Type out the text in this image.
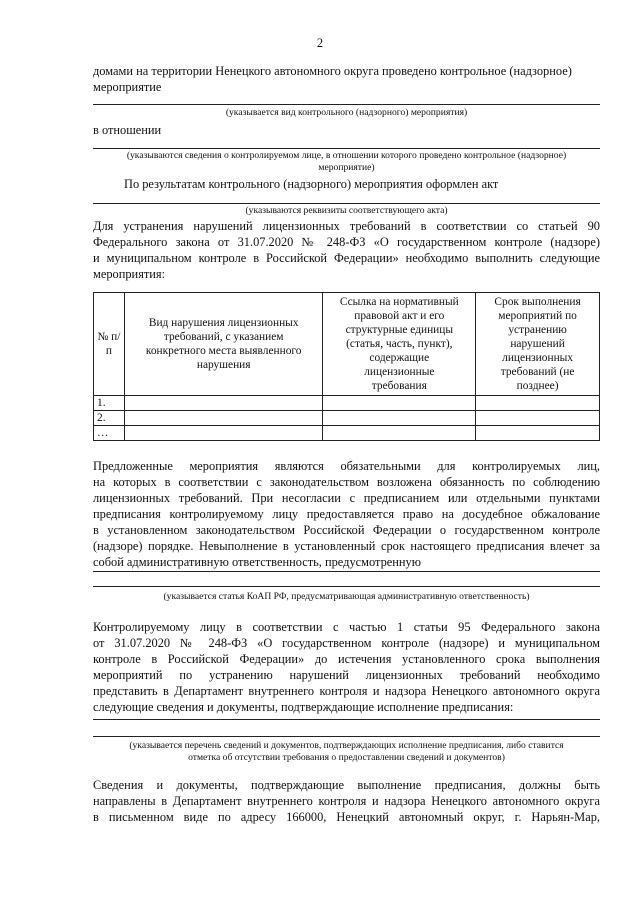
2
домами на территории Ненецкого автономного округа проведено контрольное (надзорное)
мероприятие
(указывается вид контрольного (надзорного) мероприятия)
в отношении
(указываются сведения о контролируемом лице, в отношении которого проведено контрольное (надзорное)
мероприятие)
По результатам контрольного (надзорного) мероприятия оформлен акт
(указываются реквизиты соответствующего акта)
Для устранения нарушений лицензионных требований в соответствии со статьей 90
Федерального закона от 31.07.2020 № 248-ФЗ «О государственном контроле (надзоре)
и муниципальном контроле в Российской Федерации» необходимо выполнить следующие
мероприятия:
№ п/п	Вид нарушения лицензионных требований, с указанием конкретного места выявленного нарушения	Ссылка на нормативный правовой акт и его структурные единицы (статья, часть, пункт), содержащие лицензионные требования	Срок выполнения мероприятий по устранению нарушений лицензионных требований (не позднее)
1.			
2.			
…			
Предложенные мероприятия являются обязательными для контролируемых лиц,
на которых в соответствии с законодательством возложена обязанность по соблюдению
лицензионных требований. При несогласии с предписанием или отдельными пунктами
предписания контролируемому лицу предоставляется право на досудебное обжалование
в установленном законодательством Российской Федерации о государственном контроле
(надзоре) порядке. Невыполнение в установленный срок настоящего предписания влечет за
собой административную ответственность, предусмотренную
(указывается статья КоАП РФ, предусматривающая административную ответственность)
Контролируемому лицу в соответствии с частью 1 статьи 95 Федерального закона
от 31.07.2020 № 248-ФЗ «О государственном контроле (надзоре) и муниципальном
контроле в Российской Федерации» до истечения установленного срока выполнения
мероприятий по устранению нарушений лицензионных требований необходимо
представить в Департамент внутреннего контроля и надзора Ненецкого автономного округа
следующие сведения и документы, подтверждающие исполнение предписания:
(указывается перечень сведений и документов, подтверждающих исполнение предписания, либо ставится
отметка об отсутствии требования о предоставлении сведений и документов)
Сведения и документы, подтверждающие выполнение предписания, должны быть
направлены в Департамент внутреннего контроля и надзора Ненецкого автономного округа
в письменном виде по адресу 166000, Ненецкий автономный округ, г. Нарьян-Мар,
